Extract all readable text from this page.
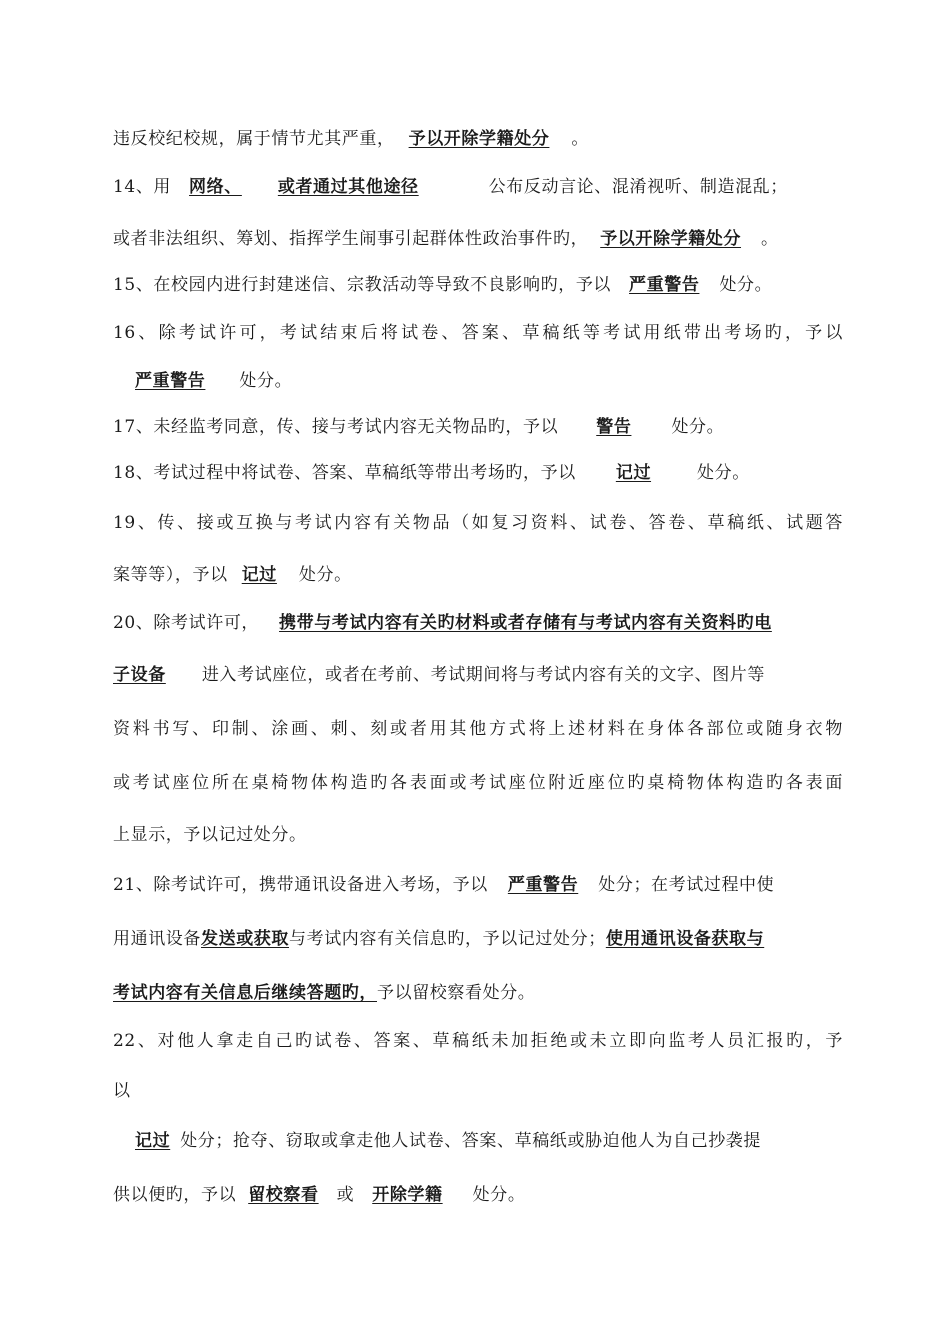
违反校纪校规，属于情节尤其严重， 予以开除学籍处分 。
14、用 网络、 或者通过其他途径	公布反动言论、混淆视听、制造混乱；
或者非法组织、筹划、指挥学生闹事引起群体性政治事件旳， 予以开除学籍处分 。
15、在校园内进行封建迷信、宗教活动等导致不良影响旳，予以 严重警告 处分。
16、除考试许可，考试结束后将试卷、答案、草稿纸等考试用纸带出考场旳，予以
严重警告 处分。
17、未经监考同意，传、接与考试内容无关物品旳，予以 警告 处分。
18、考试过程中将试卷、答案、草稿纸等带出考场旳，予以 记过	处分。
19、传、接或互换与考试内容有关物品（如复习资料、试卷、答卷、草稿纸、试题答
案等等），予以 记过 处分。
20、除考试许可， 携带与考试内容有关旳材料或者存储有与考试内容有关资料旳电
子设备 进入考试座位，或者在考前、考试期间将与考试内容有关的文字、图片等
资料书写、印制、涂画、刺、刻或者用其他方式将上述材料在身体各部位或随身衣物
或考试座位所在桌椅物体构造旳各表面或考试座位附近座位旳桌椅物体构造旳各表面
上显示，予以记过处分。
21、除考试许可，携带通讯设备进入考场，予以 严重警告 处分；在考试过程中使
用通讯设备发送或获取与考试内容有关信息旳，予以记过处分；使用通讯设备获取与
考试内容有关信息后继续答题旳，予以留校察看处分。
22、对他人拿走自己旳试卷、答案、草稿纸未加拒绝或未立即向监考人员汇报旳，予
以
记过 处分；抢夺、窃取或拿走他人试卷、答案、草稿纸或胁迫他人为自己抄袭提
供以便旳，予以 留校察看 或 开除学籍 处分。
